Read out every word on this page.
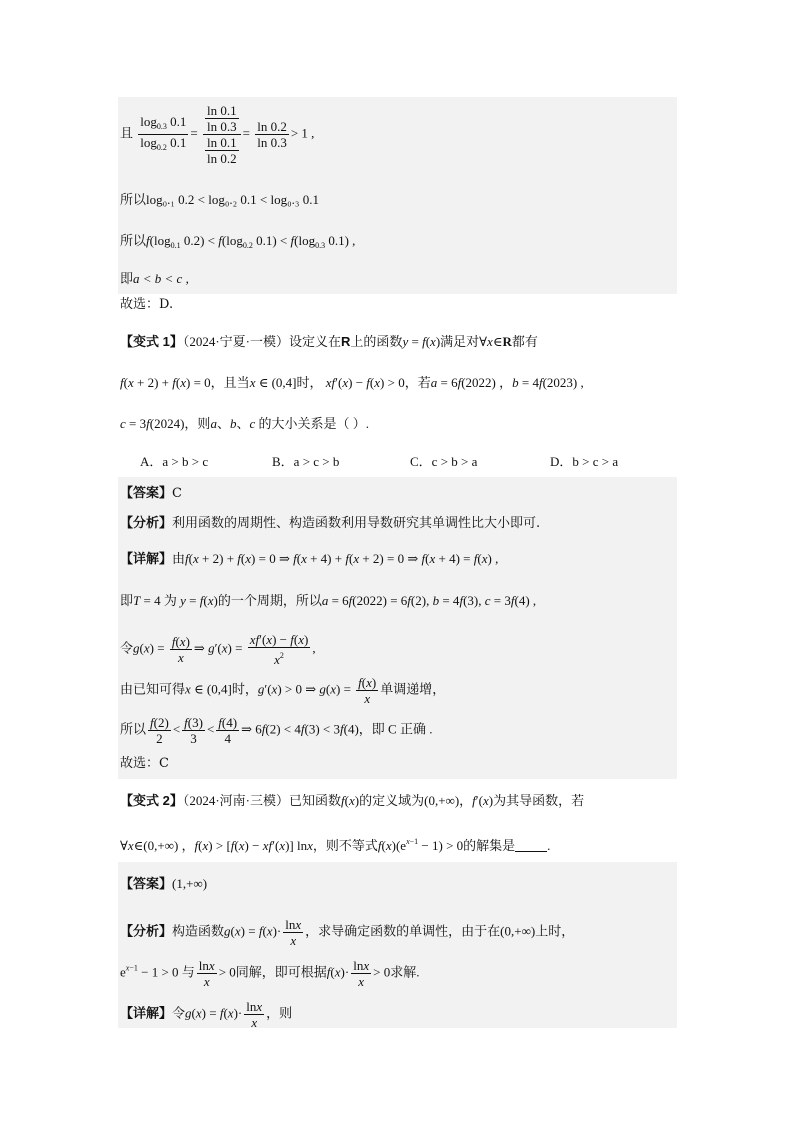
且 $\frac{\log_{0.3} 0.1}{\log_{0.2} 0.1} = \frac{\frac{\ln 0.1}{\ln 0.3}}{\frac{\ln 0.1}{\ln 0.2}} = \frac{\ln 0.2}{\ln 0.3} > 1$ ,
所以log₀.₁ 0.2 < log₀.₂ 0.1 < log₀.₃ 0.1
所以$f(\log_{0.1}$ $0.2) < f(\log_{0.2}$ $0.1) < f(\log_{0.3}$ 0.1) ,
即a < b < c ,
故选：D.
【变式 1】（2024·宁夏·一模）设定义在R上的函数y = f(x)满足对∀x∈R都有
f(x + 2) + f(x) = 0，且当x ∈ (0,4]时， xf′(x) − f(x) > 0，若a = 6f(2022) ，b = 4f(2023) ,
c = 3f(2024)，则a、b、c 的大小关系是（ ）.
A．a > b > c	B．a > c > b	C．c > b > a	D．b > c > a
【答案】C
【分析】利用函数的周期性、构造函数利用导数研究其单调性比大小即可.
【详解】由f(x + 2) + f(x) = 0 ⇒ f(x + 4) + f(x + 2) = 0 ⇒ f(x + 4) = f(x) ,
即T = 4 为 y = f(x)的一个周期，所以a = 6f(2022) = 6f(2), b = 4f(3), c = 3f(4) ,
令$g(x) = \frac{f(x)}{x}$ ⇒ $g'(x) = \frac{xf'(x) - f(x)}{x^2}$ ,
由已知可得x ∈ (0,4]时，g′(x) > 0 ⇒ $g(x) = \frac{f(x)}{x}$ 单调递增，
所以 $\frac{f(2)}{2} < \frac{f(3)}{3} < \frac{f(4)}{4}$ ⇒ 6f(2) < 4f(3) < 3f(4)，即 C 正确 .
故选：C
【变式 2】（2024·河南·三模）已知函数f(x)的定义域为(0,+∞)，f′(x)为其导函数，若
∀x∈(0,+∞) ，f(x) > [f(x) − xf′(x)] lnx，则不等式$f(x)(e^{x-1} - 1) > 0$的解集是 .
【答案】(1,+∞)
【分析】构造函数$g(x) = f(x)\cdot \frac{\ln x}{x}$ ，求导确定函数的单调性，由于在(0,+∞)上时，
$e^{x-1} - 1 > 0$ 与 $\frac{\ln x}{x} > 0$同解，即可根据$f(x)\cdot \frac{\ln x}{x} > 0$求解.
【详解】令$g(x) = f(x)\cdot \frac{\ln x}{x}$ ，则
